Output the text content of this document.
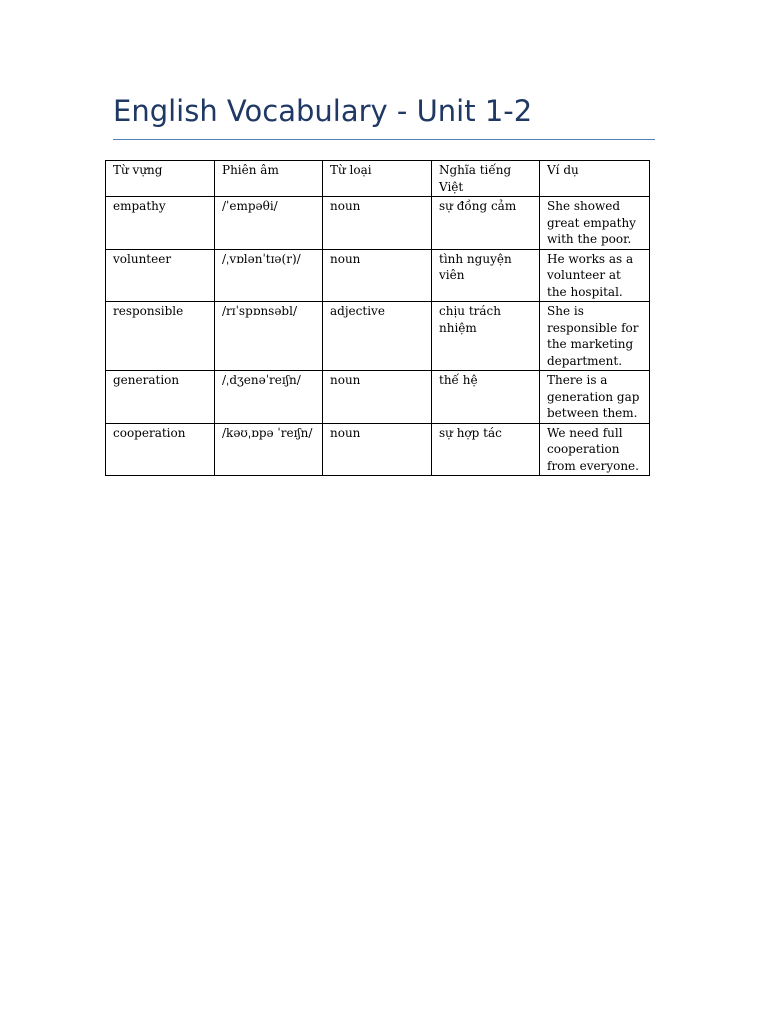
English Vocabulary - Unit 1-2
Từ vựng	Phiên âm	Từ loại	Nghĩa tiếng Việt	Ví dụ
empathy	/ˈempəθi/	noun	sự đồng cảm	She showed great empathy with the poor.
volunteer	/ˌvɒlənˈtɪə(r)/	noun	tình nguyện viên	He works as a volunteer at the hospital.
responsible	/rɪˈspɒnsəbl/	adjective	chịu trách nhiệm	She is responsible for the marketing department.
generation	/ˌdʒenəˈreɪʃn/	noun	thế hệ	There is a generation gap between them.
cooperation	/kəʊˌɒpə ˈreɪʃn/	noun	sự hợp tác	We need full cooperation from everyone.
